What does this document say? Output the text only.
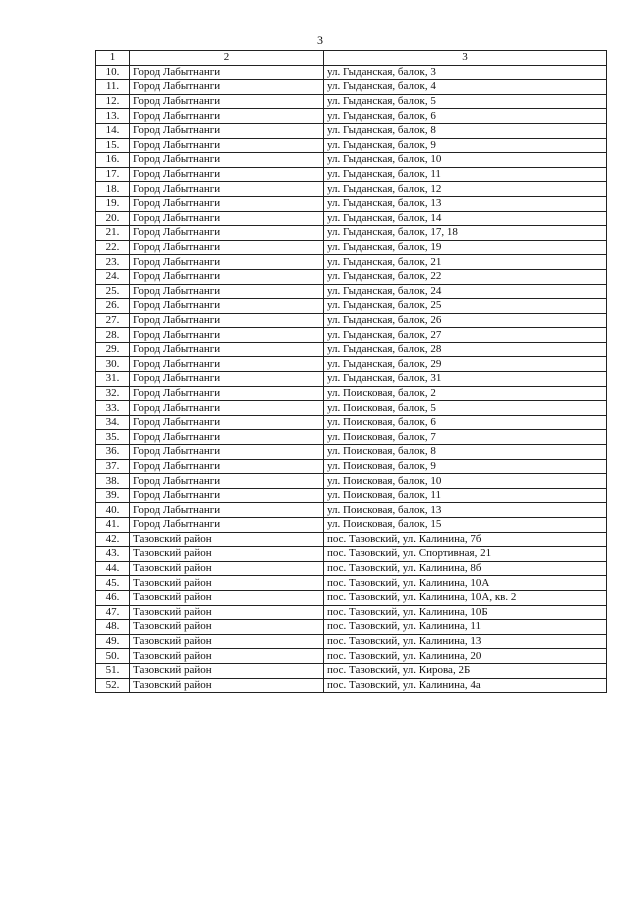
3
1	2	3
10.	Город Лабытнанги	ул. Гыданская, балок, 3
11.	Город Лабытнанги	ул. Гыданская, балок, 4
12.	Город Лабытнанги	ул. Гыданская, балок, 5
13.	Город Лабытнанги	ул. Гыданская, балок, 6
14.	Город Лабытнанги	ул. Гыданская, балок, 8
15.	Город Лабытнанги	ул. Гыданская, балок, 9
16.	Город Лабытнанги	ул. Гыданская, балок, 10
17.	Город Лабытнанги	ул. Гыданская, балок, 11
18.	Город Лабытнанги	ул. Гыданская, балок, 12
19.	Город Лабытнанги	ул. Гыданская, балок, 13
20.	Город Лабытнанги	ул. Гыданская, балок, 14
21.	Город Лабытнанги	ул. Гыданская, балок, 17, 18
22.	Город Лабытнанги	ул. Гыданская, балок, 19
23.	Город Лабытнанги	ул. Гыданская, балок, 21
24.	Город Лабытнанги	ул. Гыданская, балок, 22
25.	Город Лабытнанги	ул. Гыданская, балок, 24
26.	Город Лабытнанги	ул. Гыданская, балок, 25
27.	Город Лабытнанги	ул. Гыданская, балок, 26
28.	Город Лабытнанги	ул. Гыданская, балок, 27
29.	Город Лабытнанги	ул. Гыданская, балок, 28
30.	Город Лабытнанги	ул. Гыданская, балок, 29
31.	Город Лабытнанги	ул. Гыданская, балок, 31
32.	Город Лабытнанги	ул. Поисковая, балок, 2
33.	Город Лабытнанги	ул. Поисковая, балок, 5
34.	Город Лабытнанги	ул. Поисковая, балок, 6
35.	Город Лабытнанги	ул. Поисковая, балок, 7
36.	Город Лабытнанги	ул. Поисковая, балок, 8
37.	Город Лабытнанги	ул. Поисковая, балок, 9
38.	Город Лабытнанги	ул. Поисковая, балок, 10
39.	Город Лабытнанги	ул. Поисковая, балок, 11
40.	Город Лабытнанги	ул. Поисковая, балок, 13
41.	Город Лабытнанги	ул. Поисковая, балок, 15
42.	Тазовский район	пос. Тазовский, ул. Калинина, 7б
43.	Тазовский район	пос. Тазовский, ул. Спортивная, 21
44.	Тазовский район	пос. Тазовский, ул. Калинина, 8б
45.	Тазовский район	пос. Тазовский, ул. Калинина, 10А
46.	Тазовский район	пос. Тазовский, ул. Калинина, 10А, кв. 2
47.	Тазовский район	пос. Тазовский, ул. Калинина, 10Б
48.	Тазовский район	пос. Тазовский, ул. Калинина, 11
49.	Тазовский район	пос. Тазовский, ул. Калинина, 13
50.	Тазовский район	пос. Тазовский, ул. Калинина, 20
51.	Тазовский район	пос. Тазовский, ул. Кирова, 2Б
52.	Тазовский район	пос. Тазовский, ул. Калинина, 4а
